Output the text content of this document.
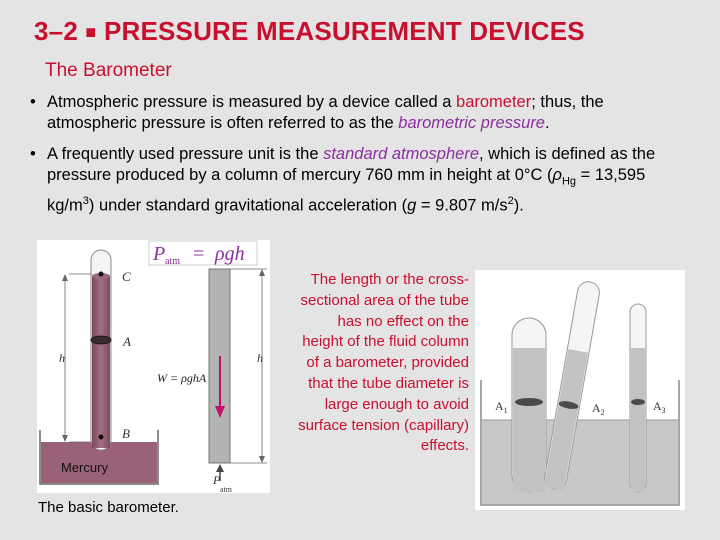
3–2 ■ PRESSURE MEASUREMENT DEVICES
The Barometer
• Atmospheric pressure is measured by a device called a barometer; thus, the atmospheric pressure is often referred to as the barometric pressure.
• A frequently used pressure unit is the standard atmosphere, which is defined as the pressure produced by a column of mercury 760 mm in height at 0°C ($\rho_{Hg} = 13,595$ $kg/m^3$) under standard gravitational acceleration (g = 9.807 $m/s^2$).
P atm = ρgh
h
C
A
B
Mercury
W = ρghA
h
P
atm
The basic barometer.
The length or the cross-sectional area of the tube has no effect on the height of the fluid column of a barometer, provided that the tube diameter is large enough to avoid surface tension (capillary) effects.
$A_1$	$A_2$	$A_3$
